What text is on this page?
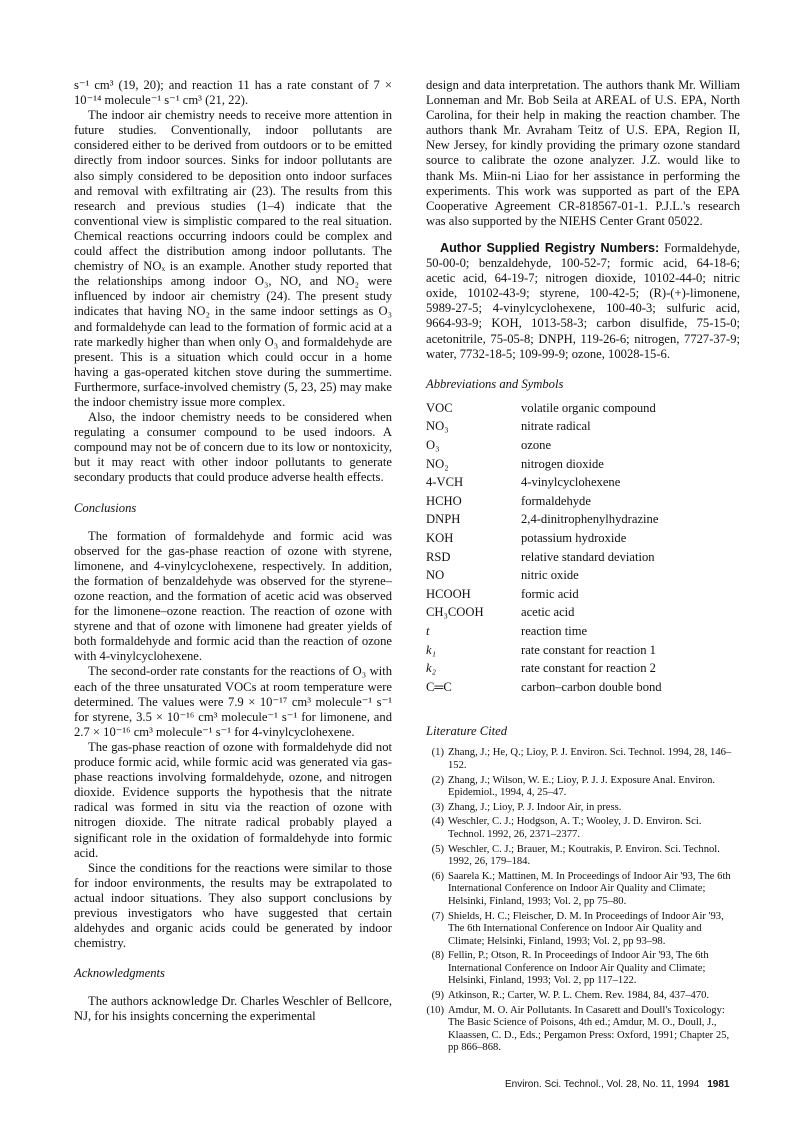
s⁻¹ cm³ (19, 20); and reaction 11 has a rate constant of 7 × 10⁻¹⁴ molecule⁻¹ s⁻¹ cm³ (21, 22).

The indoor air chemistry needs to receive more attention in future studies. Conventionally, indoor pollutants are considered either to be derived from outdoors or to be emitted directly from indoor sources. Sinks for indoor pollutants are also simply considered to be deposition onto indoor surfaces and removal with exfiltrating air (23). The results from this research and previous studies (1–4) indicate that the conventional view is simplistic compared to the real situation. Chemical reactions occurring indoors could be complex and could affect the distribution among indoor pollutants. The chemistry of NOₓ is an example. Another study reported that the relationships among indoor O₃, NO, and NO₂ were influenced by indoor air chemistry (24). The present study indicates that having NO₂ in the same indoor settings as O₃ and formaldehyde can lead to the formation of formic acid at a rate markedly higher than when only O₃ and formaldehyde are present. This is a situation which could occur in a home having a gas-operated kitchen stove during the summertime. Furthermore, surface-involved chemistry (5, 23, 25) may make the indoor chemistry issue more complex.

Also, the indoor chemistry needs to be considered when regulating a consumer compound to be used indoors. A compound may not be of concern due to its low or nontoxicity, but it may react with other indoor pollutants to generate secondary products that could produce adverse health effects.

Conclusions

The formation of formaldehyde and formic acid was observed for the gas-phase reaction of ozone with styrene, limonene, and 4-vinylcyclohexene, respectively. In addition, the formation of benzaldehyde was observed for the styrene–ozone reaction, and the formation of acetic acid was observed for the limonene–ozone reaction. The reaction of ozone with styrene and that of ozone with limonene had greater yields of both formaldehyde and formic acid than the reaction of ozone with 4-vinylcyclohexene.

The second-order rate constants for the reactions of O₃ with each of the three unsaturated VOCs at room temperature were determined. The values were 7.9 × 10⁻¹⁷ cm³ molecule⁻¹ s⁻¹ for styrene, 3.5 × 10⁻¹⁶ cm³ molecule⁻¹ s⁻¹ for limonene, and 2.7 × 10⁻¹⁶ cm³ molecule⁻¹ s⁻¹ for 4-vinylcyclohexene.

The gas-phase reaction of ozone with formaldehyde did not produce formic acid, while formic acid was generated via gas-phase reactions involving formaldehyde, ozone, and nitrogen dioxide. Evidence supports the hypothesis that the nitrate radical was formed in situ via the reaction of ozone with nitrogen dioxide. The nitrate radical probably played a significant role in the oxidation of formaldehyde into formic acid.

Since the conditions for the reactions were similar to those for indoor environments, the results may be extrapolated to actual indoor situations. They also support conclusions by previous investigators who have suggested that certain aldehydes and organic acids could be generated by indoor chemistry.

Acknowledgments

The authors acknowledge Dr. Charles Weschler of Bellcore, NJ, for his insights concerning the experimental

design and data interpretation. The authors thank Mr. William Lonneman and Mr. Bob Seila at AREAL of U.S. EPA, North Carolina, for their help in making the reaction chamber. The authors thank Mr. Avraham Teitz of U.S. EPA, Region II, New Jersey, for kindly providing the primary ozone standard source to calibrate the ozone analyzer. J.Z. would like to thank Ms. Miin-ni Liao for her assistance in performing the experiments. This work was supported as part of the EPA Cooperative Agreement CR-818567-01-1. P.J.L.'s research was also supported by the NIEHS Center Grant 05022.

Author Supplied Registry Numbers: Formaldehyde, 50-00-0; benzaldehyde, 100-52-7; formic acid, 64-18-6; acetic acid, 64-19-7; nitrogen dioxide, 10102-44-0; nitric oxide, 10102-43-9; styrene, 100-42-5; (R)-(+)-limonene, 5989-27-5; 4-vinylcyclohexene, 100-40-3; sulfuric acid, 9664-93-9; KOH, 1013-58-3; carbon disulfide, 75-15-0; acetonitrile, 75-05-8; DNPH, 119-26-6; nitrogen, 7727-37-9; water, 7732-18-5; 109-99-9; ozone, 10028-15-6.

Abbreviations and Symbols

VOC	volatile organic compound
NO₃	nitrate radical
O₃	ozone
NO₂	nitrogen dioxide
4-VCH	4-vinylcyclohexene
HCHO	formaldehyde
DNPH	2,4-dinitrophenylhydrazine
KOH	potassium hydroxide
RSD	relative standard deviation
NO	nitric oxide
HCOOH	formic acid
CH₃COOH	acetic acid
t	reaction time
k₁	rate constant for reaction 1
k₂	rate constant for reaction 2
C═C	carbon–carbon double bond

Literature Cited

(1) Zhang, J.; He, Q.; Lioy, P. J. Environ. Sci. Technol. 1994, 28, 146–152.
(2) Zhang, J.; Wilson, W. E.; Lioy, P. J. J. Exposure Anal. Environ. Epidemiol., 1994, 4, 25–47.
(3) Zhang, J.; Lioy, P. J. Indoor Air, in press.
(4) Weschler, C. J.; Hodgson, A. T.; Wooley, J. D. Environ. Sci. Technol. 1992, 26, 2371–2377.
(5) Weschler, C. J.; Brauer, M.; Koutrakis, P. Environ. Sci. Technol. 1992, 26, 179–184.
(6) Saarela K.; Mattinen, M. In Proceedings of Indoor Air '93, The 6th International Conference on Indoor Air Quality and Climate; Helsinki, Finland, 1993; Vol. 2, pp 75–80.
(7) Shields, H. C.; Fleischer, D. M. In Proceedings of Indoor Air '93, The 6th International Conference on Indoor Air Quality and Climate; Helsinki, Finland, 1993; Vol. 2, pp 93–98.
(8) Fellin, P.; Otson, R. In Proceedings of Indoor Air '93, The 6th International Conference on Indoor Air Quality and Climate; Helsinki, Finland, 1993; Vol. 2, pp 117–122.
(9) Atkinson, R.; Carter, W. P. L. Chem. Rev. 1984, 84, 437–470.
(10) Amdur, M. O. Air Pollutants. In Casarett and Doull's Toxicology: The Basic Science of Poisons, 4th ed.; Amdur, M. O., Doull, J., Klaassen, C. D., Eds.; Pergamon Press: Oxford, 1991; Chapter 25, pp 866–868.
Environ. Sci. Technol., Vol. 28, No. 11, 1994 1981
